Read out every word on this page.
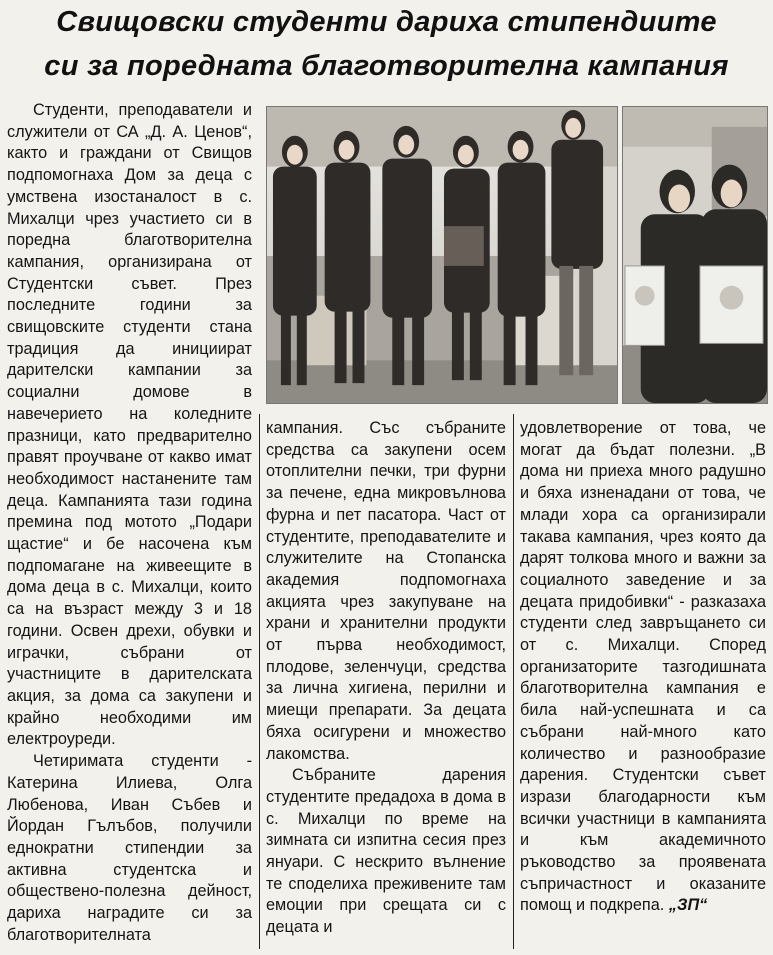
Свищовски студенти дариха стипендиите
си за поредната благотворителна кампания

Студенти, преподаватели и служители от СА „Д. А. Ценов“, както и граждани от Свищов подпомогнаха Дом за деца с умствена изостаналост в с. Михалци чрез участието си в поредна благотворителна кампания, организирана от Студентски съвет. През последните години за свищовските студенти стана традиция да инициират дарителски кампании за социални домове в навечерието на коледните празници, като предварително правят проучване от какво имат необходимост настанените там деца. Кампанията тази година премина под мотото „Подари щастие“ и бе насочена към подпомагане на живеещите в дома деца в с. Михалци, които са на възраст между 3 и 18 години. Освен дрехи, обувки и играчки, събрани от участниците в дарителската акция, за дома са закупени и крайно необходими им електроуреди.

Четиримата студенти - Катерина Илиева, Олга Любенова, Иван Събев и Йордан Гълъбов, получили еднократни стипендии за активна студентска и обществено-полезна дейност, дариха наградите си за благотворителната

кампания. Със събраните средства са закупени осем отоплителни печки, три фурни за печене, една микровълнова фурна и пет пасатора. Част от студентите, преподавателите и служителите на Стопанска академия подпомогнаха акцията чрез закупуване на храни и хранителни продукти от първа необходимост, плодове, зеленчуци, средства за лична хигиена, перилни и миещи препарати. За децата бяха осигурени и множество лакомства.

Събраните дарения студентите предадоха в дома в с. Михалци по време на зимната си изпитна сесия през януари. С нескрито вълнение те споделиха преживените там емоции при срещата си с децата и

удовлетворение от това, че могат да бъдат полезни. „В дома ни приеха много радушно и бяха изненадани от това, че млади хора са организирали такава кампания, чрез която да дарят толкова много и важни за социалното заведение и за децата придобивки“ - разказаха студенти след завръщането си от с. Михалци. Според организаторите тазгодишната благотворителна кампания е била най-успешната и са събрани най-много като количество и разнообразие дарения. Студентски съвет изрази благодарности към всички участници в кампанията и към академичното ръководство за проявената съпричастност и оказаните помощ и подкрепа. „ЗП“
